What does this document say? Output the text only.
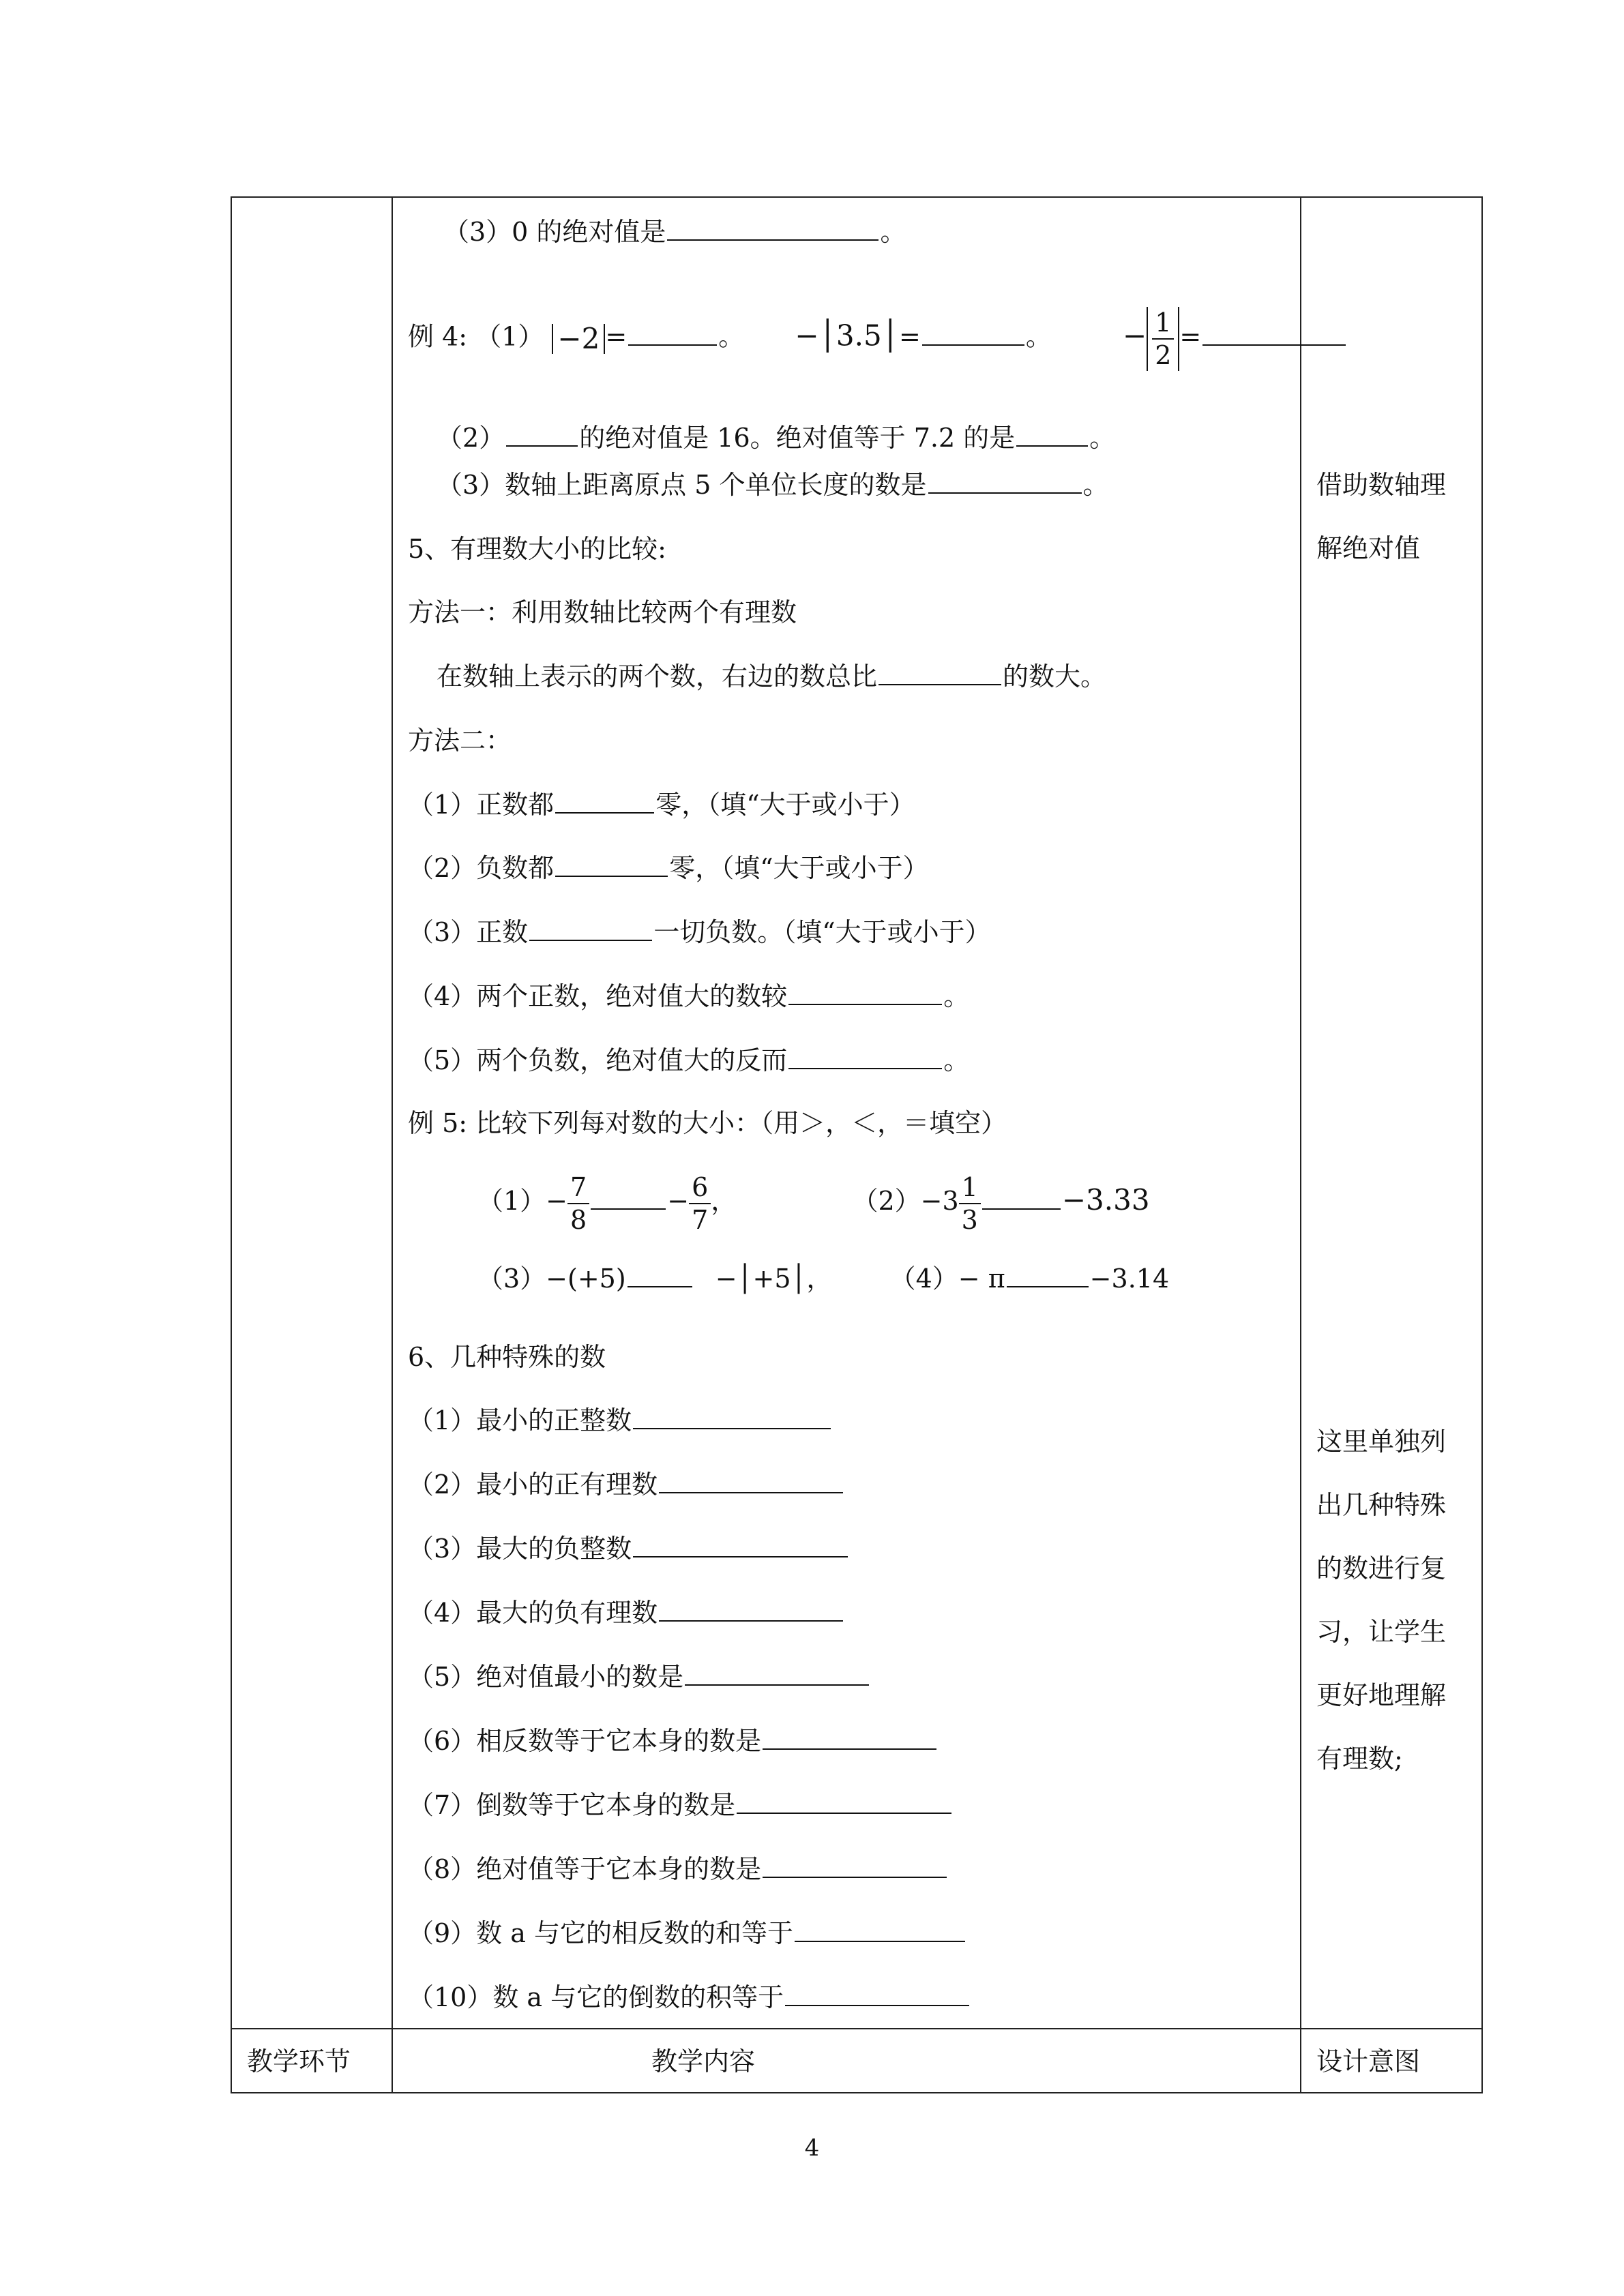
（3）0 的绝对值是	。
例 4: （1） −2 =	。 −│3.5│=	。 − $\frac{1}{2}$ =
（2）	的绝对值是 16。绝对值等于 7.2 的是	。
（3）数轴上距离原点 5 个单位长度的数是	。
5、有理数大小的比较:
方法一：利用数轴比较两个有理数
在数轴上表示的两个数，右边的数总比	的数大。
方法二：
（1）正数都	零，（填“大于或小于）
（2）负数都	零，（填“大于或小于）
（3）正数	一切负数。（填“大于或小于）
（4）两个正数，绝对值大的数较	。
（5）两个负数，绝对值大的反而	。
例 5: 比较下列每对数的大小：（用＞，＜，＝填空）
$(1)- \frac{7}{8}$	− $\frac{6}{7}$ ，	$(2)-3 \frac{1}{3}$	−3.33
（3）−(+5)	−│+5│， （4）− π	−3.14
6、几种特殊的数
（1）最小的正整数
（2）最小的正有理数
（3）最大的负整数
（4）最大的负有理数
（5）绝对值最小的数是
（6）相反数等于它本身的数是
（7）倒数等于它本身的数是
（8）绝对值等于它本身的数是
（9）数 a 与它的相反数的和等于
（10）数 a 与它的倒数的积等于
借助数轴理
解绝对值
这里单独列
出几种特殊
的数进行复
习，让学生
更好地理解
有理数;
教学环节	教学内容	设计意图
4
